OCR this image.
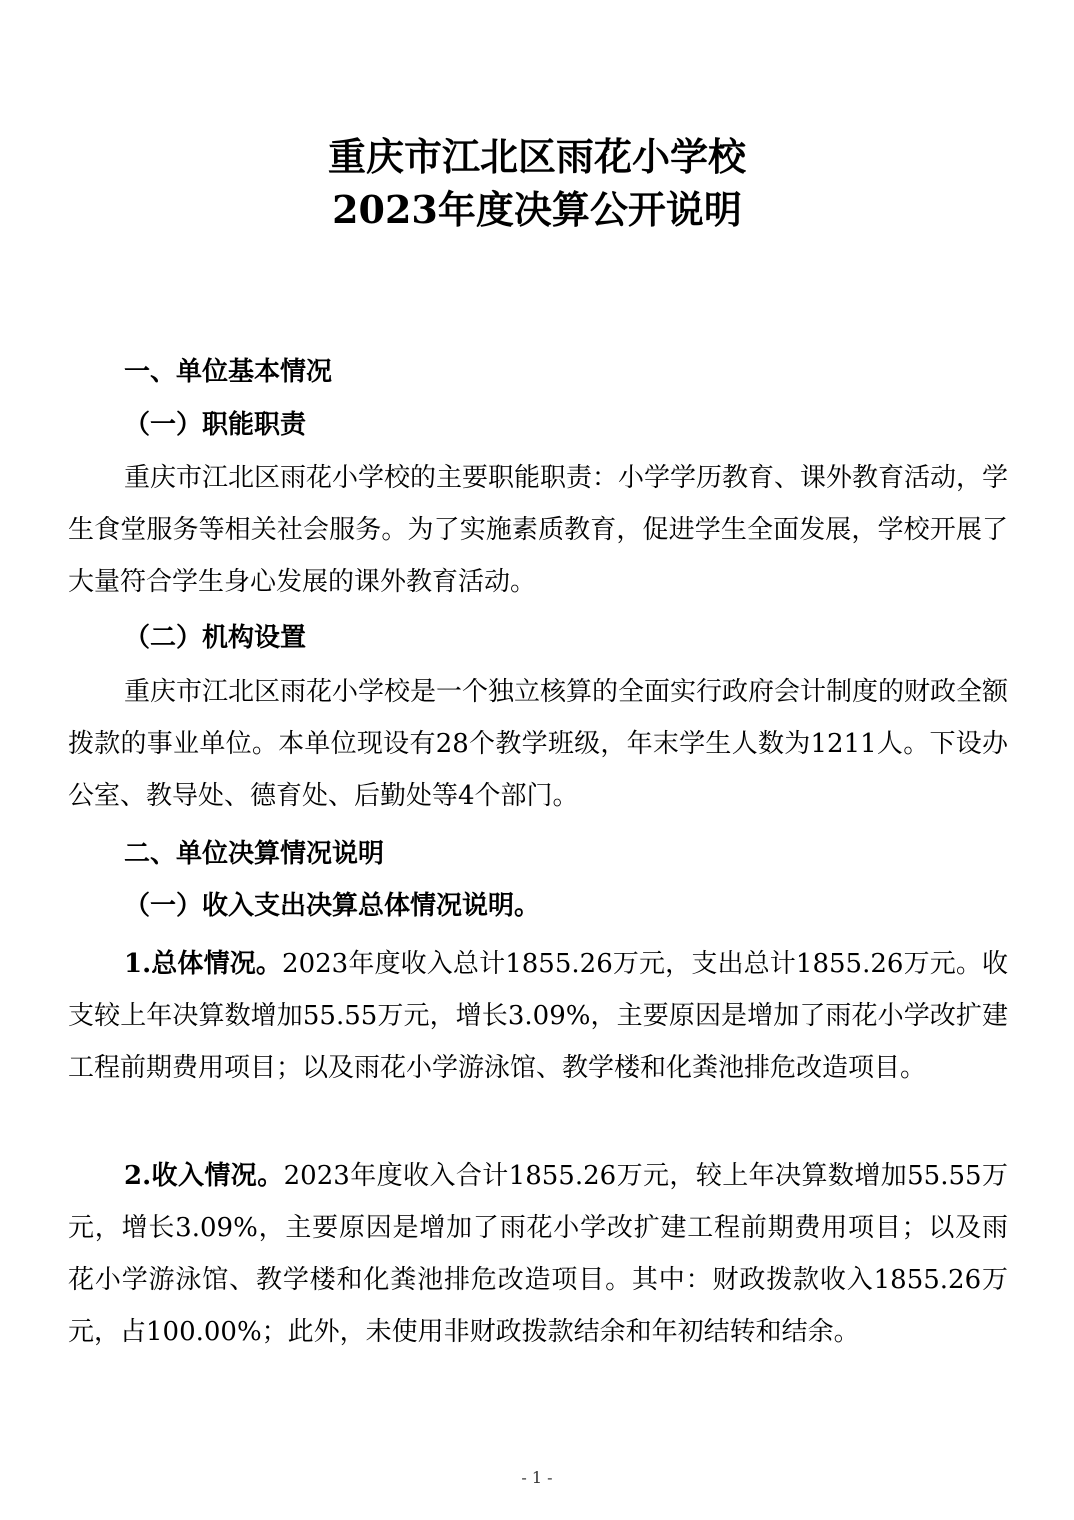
重庆市江北区雨花小学校
2023年度决算公开说明
一、单位基本情况
（一）职能职责

重庆市江北区雨花小学校的主要职能职责：小学学历教育、课外教育活动，学生食堂服务等相关社会服务。为了实施素质教育，促进学生全面发展，学校开展了大量符合学生身心发展的课外教育活动。

（二）机构设置

重庆市江北区雨花小学校是一个独立核算的全面实行政府会计制度的财政全额拨款的事业单位。本单位现设有28个教学班级，年末学生人数为1211人。下设办公室、教导处、德育处、后勤处等4个部门。

二、单位决算情况说明
（一）收入支出决算总体情况说明。

1.总体情况。2023年度收入总计1855.26万元，支出总计1855.26万元。收支较上年决算数增加55.55万元，增长3.09%，主要原因是增加了雨花小学改扩建工程前期费用项目；以及雨花小学游泳馆、教学楼和化粪池排危改造项目。

2.收入情况。2023年度收入合计1855.26万元，较上年决算数增加55.55万元，增长3.09%，主要原因是增加了雨花小学改扩建工程前期费用项目；以及雨花小学游泳馆、教学楼和化粪池排危改造项目。其中：财政拨款收入1855.26万元，占100.00%；此外，未使用非财政拨款结余和年初结转和结余。

- 1 -
